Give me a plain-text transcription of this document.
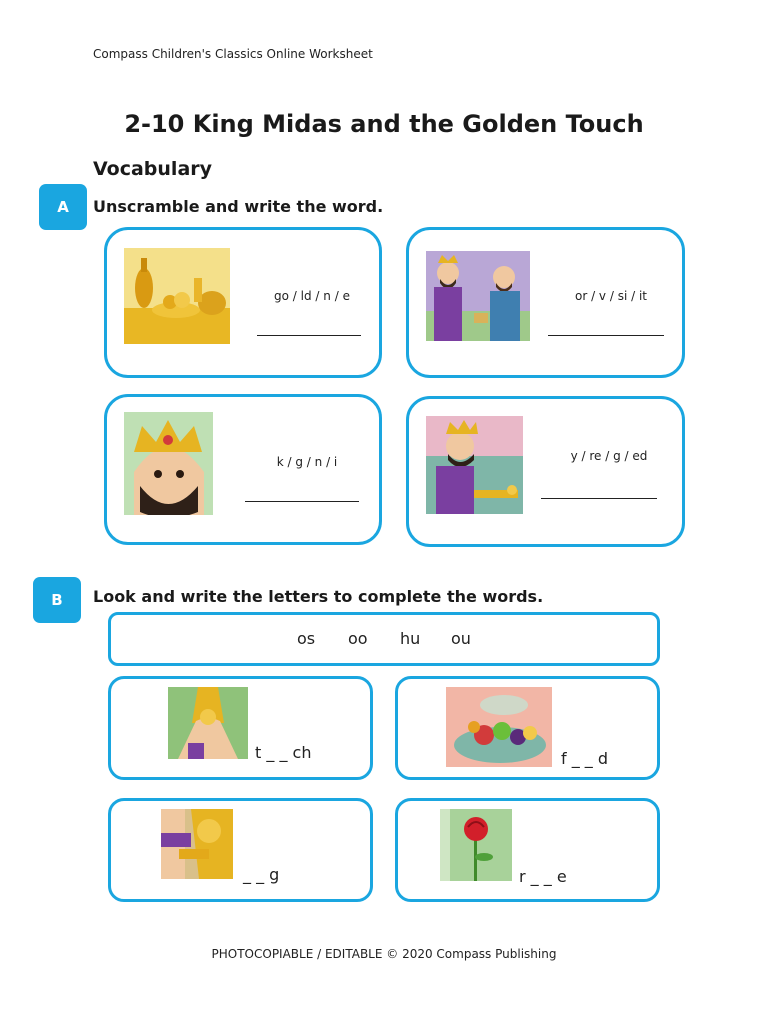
Compass Children's Classics Online Worksheet
2-10 King Midas and the Golden Touch
Vocabulary
A	Unscramble and write the word.
go / ld / n / e	or / v / si / it
k / g / n / i	y / re / g / ed
B	Look and write the letters to complete the words.
os oo hu ou
t _ _ ch	f _ _ d
_ _ g	r _ _ e
PHOTOCOPIABLE / EDITABLE © 2020 Compass Publishing
